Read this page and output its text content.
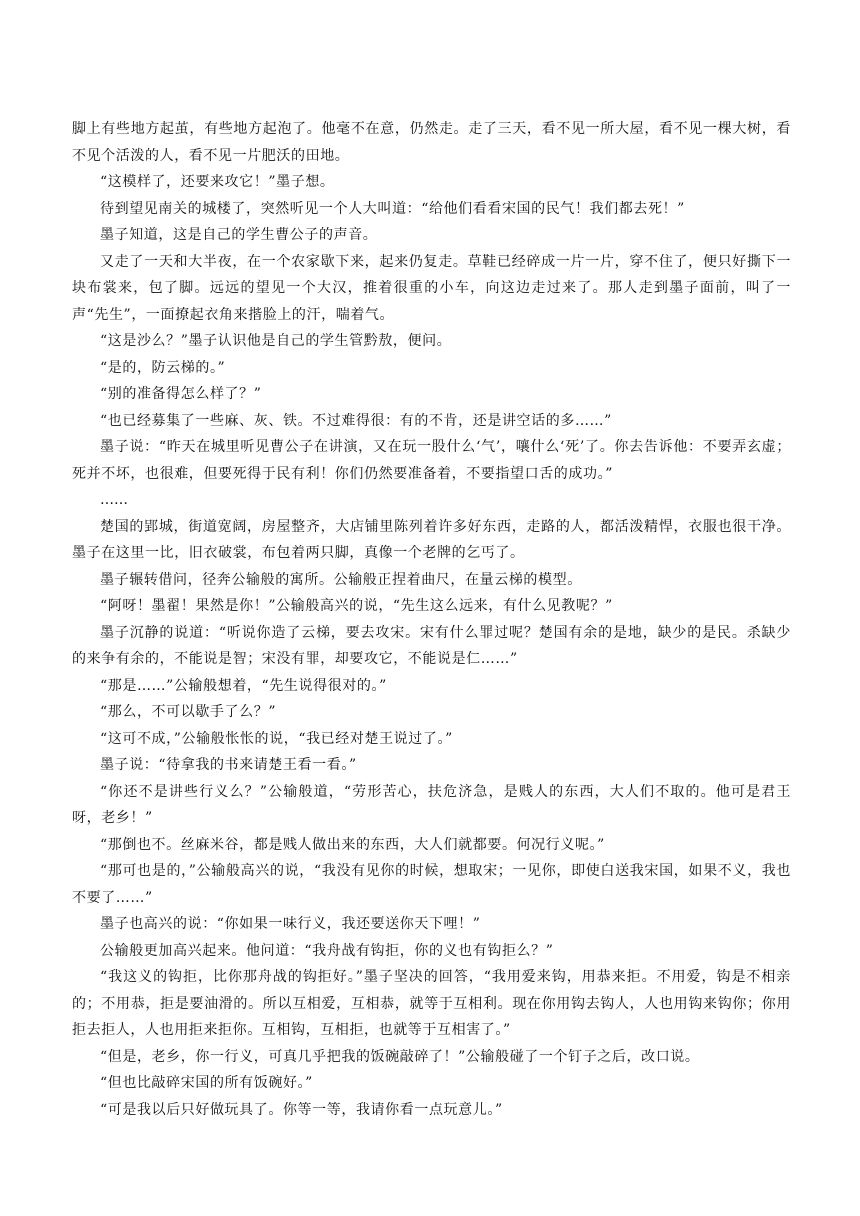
脚上有些地方起茧，有些地方起泡了。他毫不在意，仍然走。走了三天，看不见一所大屋，看不见一棵大树，看不见个活泼的人，看不见一片肥沃的田地。

“这模样了，还要来攻它！”墨子想。

待到望见南关的城楼了，突然听见一个人大叫道：“给他们看看宋国的民气！我们都去死！”

墨子知道，这是自己的学生曹公子的声音。

又走了一天和大半夜，在一个农家歇下来，起来仍复走。草鞋已经碎成一片一片，穿不住了，便只好撕下一块布裳来，包了脚。远远的望见一个大汉，推着很重的小车，向这边走过来了。那人走到墨子面前，叫了一声“先生”，一面撩起衣角来揩脸上的汗，喘着气。

“这是沙么？”墨子认识他是自己的学生管黔敖，便问。

“是的，防云梯的。”

“别的准备得怎么样了？”

“也已经募集了一些麻、灰、铁。不过难得很：有的不肯，还是讲空话的多……”

墨子说：“昨天在城里听见曹公子在讲演，又在玩一股什么‘气’，嚷什么‘死’了。你去告诉他：不要弄玄虚；死并不坏，也很难，但要死得于民有利！你们仍然要准备着，不要指望口舌的成功。”

……

楚国的郢城，街道宽阔，房屋整齐，大店铺里陈列着许多好东西，走路的人，都活泼精悍，衣服也很干净。墨子在这里一比，旧衣破裳，布包着两只脚，真像一个老牌的乞丐了。

墨子辗转借问，径奔公输般的寓所。公输般正捏着曲尺，在量云梯的模型。

“阿呀！墨翟！果然是你！”公输般高兴的说，“先生这么远来，有什么见教呢？”

墨子沉静的说道：“听说你造了云梯，要去攻宋。宋有什么罪过呢？楚国有余的是地，缺少的是民。杀缺少的来争有余的，不能说是智；宋没有罪，却要攻它，不能说是仁……”

“那是……”公输般想着，“先生说得很对的。”

“那么，不可以歇手了么？”

“这可不成，”公输般怅怅的说，“我已经对楚王说过了。”

墨子说：“待拿我的书来请楚王看一看。”

“你还不是讲些行义么？”公输般道，“劳形苦心，扶危济急，是贱人的东西，大人们不取的。他可是君王呀，老乡！”

“那倒也不。丝麻米谷，都是贱人做出来的东西，大人们就都要。何况行义呢。”

“那可也是的，”公输般高兴的说，“我没有见你的时候，想取宋；一见你，即使白送我宋国，如果不义，我也不要了……”

墨子也高兴的说：“你如果一味行义，我还要送你天下哩！”

公输般更加高兴起来。他问道：“我舟战有钩拒，你的义也有钩拒么？”

“我这义的钩拒，比你那舟战的钩拒好。”墨子坚决的回答，“我用爱来钩，用恭来拒。不用爱，钩是不相亲的；不用恭，拒是要油滑的。所以互相爱，互相恭，就等于互相利。现在你用钩去钩人，人也用钩来钩你；你用拒去拒人，人也用拒来拒你。互相钩，互相拒，也就等于互相害了。”

“但是，老乡，你一行义，可真几乎把我的饭碗敲碎了！”公输般碰了一个钉子之后，改口说。

“但也比敲碎宋国的所有饭碗好。”

“可是我以后只好做玩具了。你等一等，我请你看一点玩意儿。”
